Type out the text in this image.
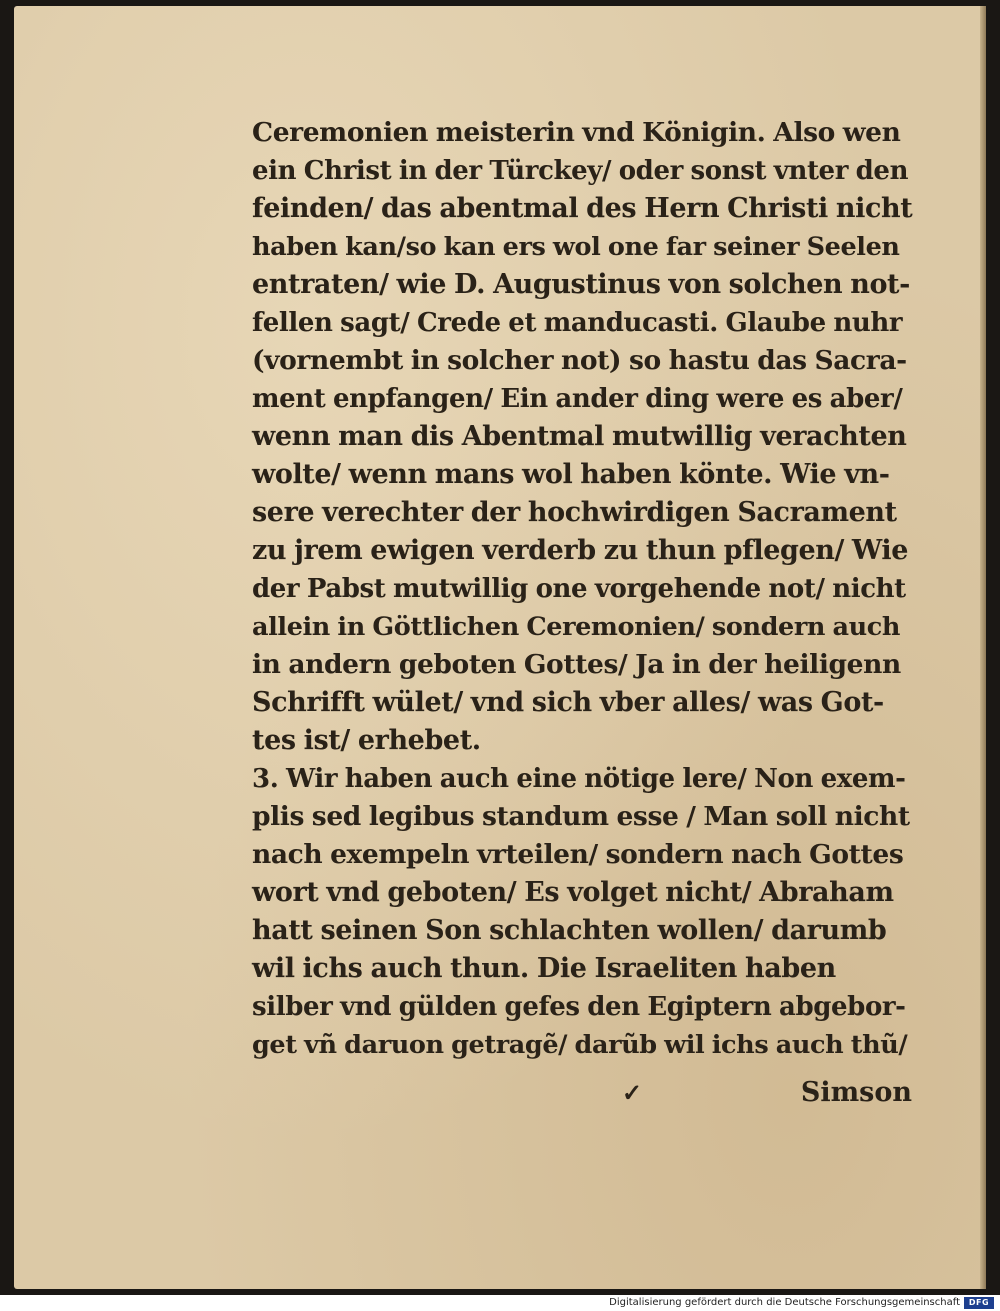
Ceremonien meisterin vnd Königin. Also wen
ein Christ in der Türckey/ oder sonst vnter den
feinden/ das abentmal des Hern Christi nicht
haben kan/so kan ers wol one far seiner Seelen
entraten/ wie D. Augustinus von solchen not-
fellen sagt/ Crede et manducasti. Glaube nuhr
(vornembt in solcher not) so hastu das Sacra-
ment enpfangen/ Ein ander ding were es aber/
wenn man dis Abentmal mutwillig verachten
wolte/ wenn mans wol haben könte. Wie vn-
sere verechter der hochwirdigen Sacrament
zu jrem ewigen verderb zu thun pflegen/ Wie
der Pabst mutwillig one vorgehende not/ nicht
allein in Göttlichen Ceremonien/ sondern auch
in andern geboten Gottes/ Ja in der heiligenn
Schrifft wület/ vnd sich vber alles/ was Got-
tes ist/ erhebet.
3. Wir haben auch eine nötige lere/ Non exem-
plis sed legibus standum esse / Man soll nicht
nach exempeln vrteilen/ sondern nach Gottes
wort vnd geboten/ Es volget nicht/ Abraham
hatt seinen Son schlachten wollen/ darumb
wil ichs auch thun. Die Israeliten haben
silber vnd gülden gefes den Egiptern abgebor-
get vñ daruon getragẽ/ darũb wil ichs auch thũ/
✓	Simson
Digitalisierung gefördert durch die Deutsche Forschungsgemeinschaft	DFG
